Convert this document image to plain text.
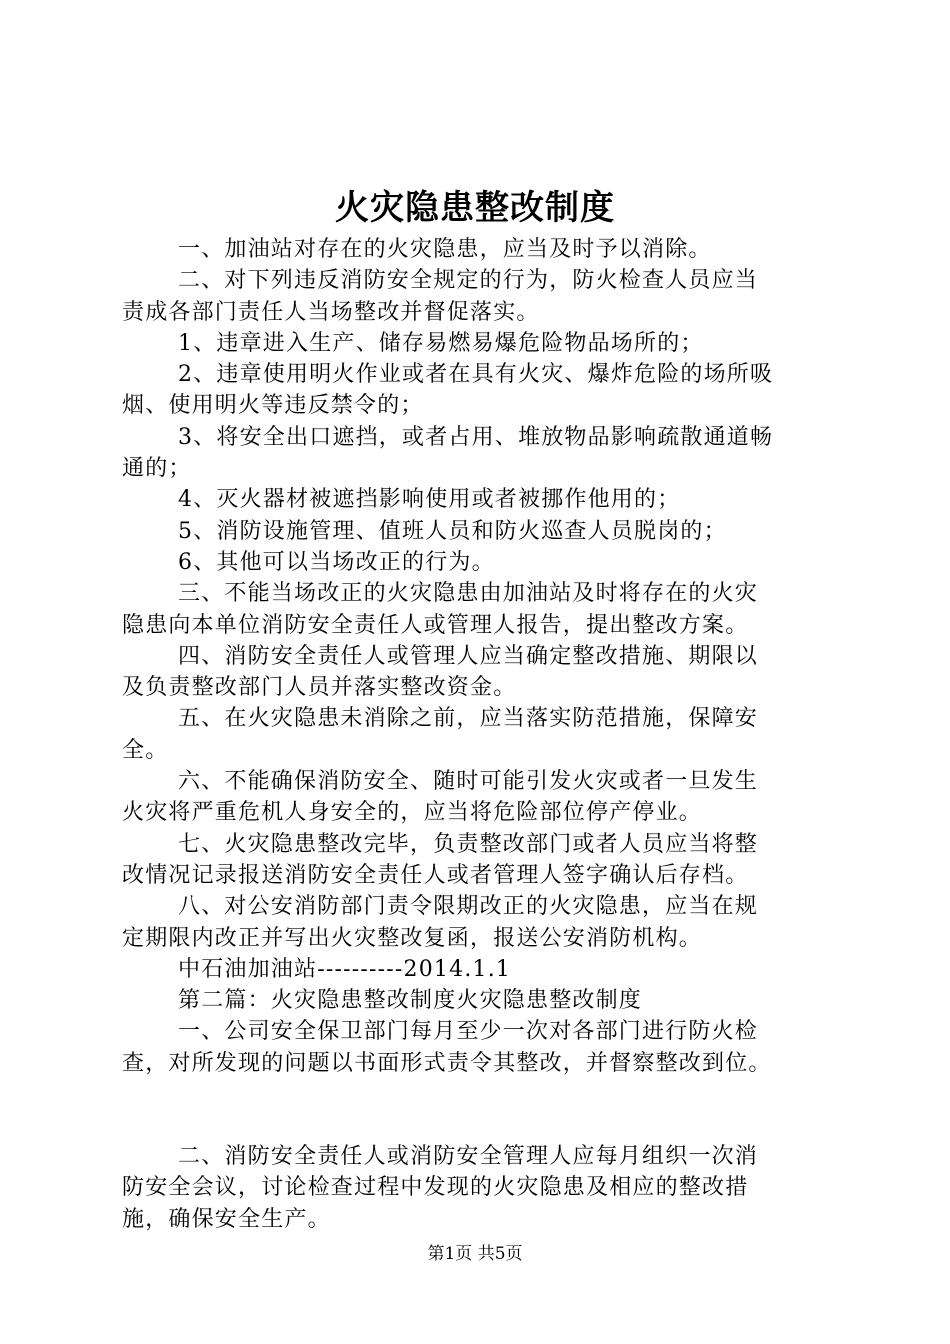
火灾隐患整改制度

一、加油站对存在的火灾隐患，应当及时予以消除。

二、对下列违反消防安全规定的行为，防火检查人员应当

责成各部门责任人当场整改并督促落实。

1、违章进入生产、储存易燃易爆危险物品场所的；

2、违章使用明火作业或者在具有火灾、爆炸危险的场所吸

烟、使用明火等违反禁令的；

3、将安全出口遮挡，或者占用、堆放物品影响疏散通道畅

通的；

4、灭火器材被遮挡影响使用或者被挪作他用的；

5、消防设施管理、值班人员和防火巡查人员脱岗的；

6、其他可以当场改正的行为。

三、不能当场改正的火灾隐患由加油站及时将存在的火灾

隐患向本单位消防安全责任人或管理人报告，提出整改方案。

四、消防安全责任人或管理人应当确定整改措施、期限以

及负责整改部门人员并落实整改资金。

五、在火灾隐患未消除之前，应当落实防范措施，保障安

全。

六、不能确保消防安全、随时可能引发火灾或者一旦发生

火灾将严重危机人身安全的，应当将危险部位停产停业。

七、火灾隐患整改完毕，负责整改部门或者人员应当将整

改情况记录报送消防安全责任人或者管理人签字确认后存档。

八、对公安消防部门责令限期改正的火灾隐患，应当在规

定期限内改正并写出火灾整改复函，报送公安消防机构。

中石油加油站----------2014.1.1

第二篇：火灾隐患整改制度火灾隐患整改制度

一、公司安全保卫部门每月至少一次对各部门进行防火检

查，对所发现的问题以书面形式责令其整改，并督察整改到位。

二、消防安全责任人或消防安全管理人应每月组织一次消

防安全会议，讨论检查过程中发现的火灾隐患及相应的整改措

施，确保安全生产。

第1页 共5页
